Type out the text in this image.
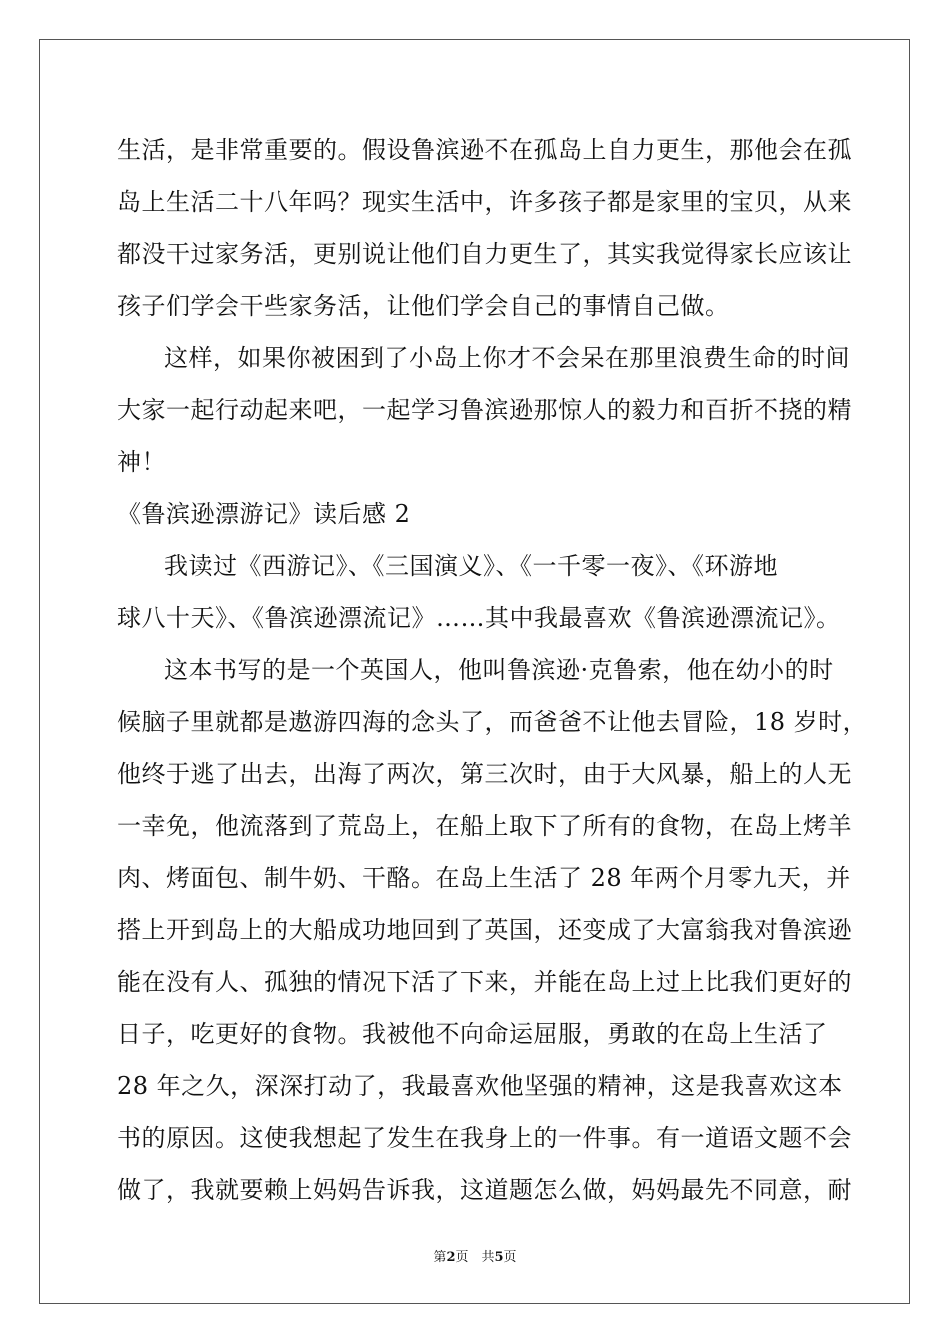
生活，是非常重要的。假设鲁滨逊不在孤岛上自力更生，那他会在孤
岛上生活二十八年吗？现实生活中，许多孩子都是家里的宝贝，从来
都没干过家务活，更别说让他们自力更生了，其实我觉得家长应该让
孩子们学会干些家务活，让他们学会自己的事情自己做。
这样，如果你被困到了小岛上你才不会呆在那里浪费生命的时间
大家一起行动起来吧，一起学习鲁滨逊那惊人的毅力和百折不挠的精
神！
《鲁滨逊漂游记》读后感 2
我读过《西游记》、《三国演义》、《一千零一夜》、《环游地
球八十天》、《鲁滨逊漂流记》……其中我最喜欢《鲁滨逊漂流记》。
这本书写的是一个英国人，他叫鲁滨逊·克鲁索，他在幼小的时
候脑子里就都是遨游四海的念头了，而爸爸不让他去冒险，18 岁时，
他终于逃了出去，出海了两次，第三次时，由于大风暴，船上的人无
一幸免，他流落到了荒岛上，在船上取下了所有的食物，在岛上烤羊
肉、烤面包、制牛奶、干酪。在岛上生活了 28 年两个月零九天，并
搭上开到岛上的大船成功地回到了英国，还变成了大富翁我对鲁滨逊
能在没有人、孤独的情况下活了下来，并能在岛上过上比我们更好的
日子，吃更好的食物。我被他不向命运屈服，勇敢的在岛上生活了
28 年之久，深深打动了，我最喜欢他坚强的精神，这是我喜欢这本
书的原因。这使我想起了发生在我身上的一件事。有一道语文题不会
做了，我就要赖上妈妈告诉我，这道题怎么做，妈妈最先不同意，耐
第2页　共5页
